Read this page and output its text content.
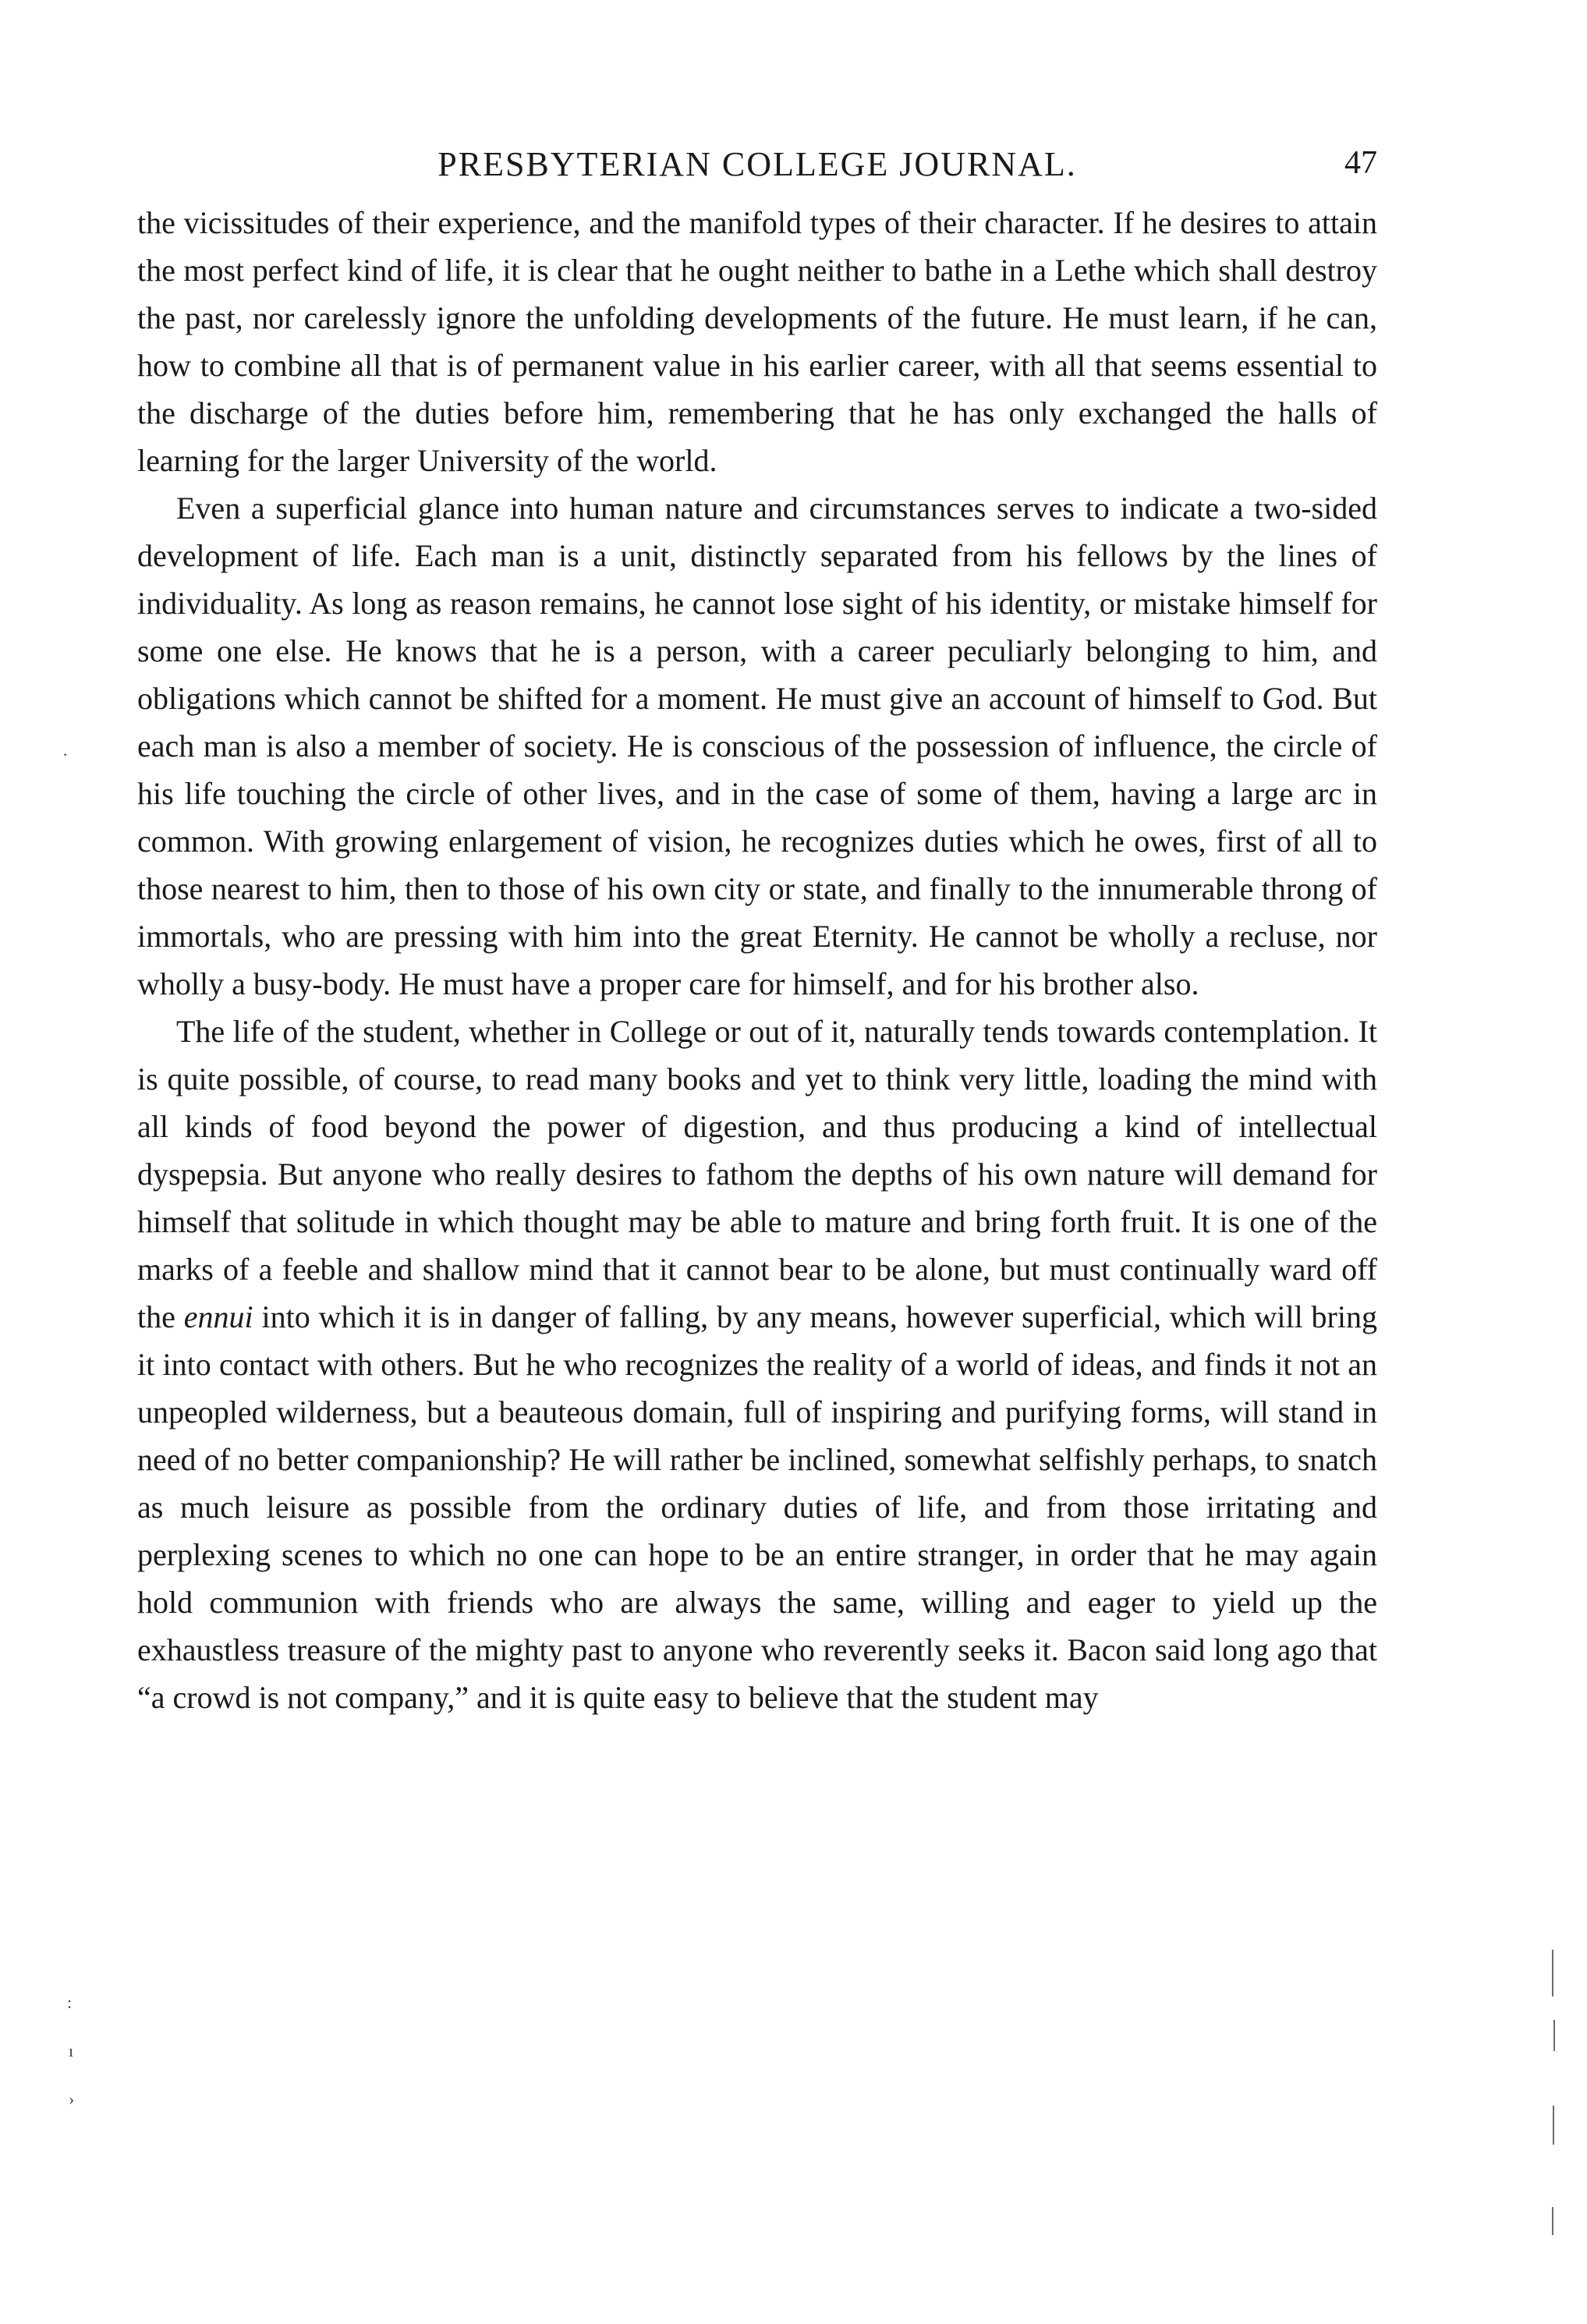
PRESBYTERIAN COLLEGE JOURNAL.	47

the vicissitudes of their experience, and the manifold types of their character. If he desires to attain the most perfect kind of life, it is clear that he ought neither to bathe in a Lethe which shall destroy the past, nor carelessly ignore the unfolding developments of the future. He must learn, if he can, how to combine all that is of permanent value in his earlier career, with all that seems essential to the discharge of the duties before him, remembering that he has only exchanged the halls of learning for the larger University of the world.

Even a superficial glance into human nature and circumstances serves to indicate a two-sided development of life. Each man is a unit, distinctly separated from his fellows by the lines of individuality. As long as reason remains, he cannot lose sight of his identity, or mistake himself for some one else. He knows that he is a person, with a career peculiarly belonging to him, and obligations which cannot be shifted for a moment. He must give an account of himself to God. But each man is also a member of society. He is conscious of the possession of influence, the circle of his life touching the circle of other lives, and in the case of some of them, having a large arc in common. With growing enlargement of vision, he recognizes duties which he owes, first of all to those nearest to him, then to those of his own city or state, and finally to the innumerable throng of immortals, who are pressing with him into the great Eternity. He cannot be wholly a recluse, nor wholly a busy-body. He must have a proper care for himself, and for his brother also.

The life of the student, whether in College or out of it, naturally tends towards contemplation. It is quite possible, of course, to read many books and yet to think very little, loading the mind with all kinds of food beyond the power of digestion, and thus producing a kind of intellectual dyspepsia. But anyone who really desires to fathom the depths of his own nature will demand for himself that solitude in which thought may be able to mature and bring forth fruit. It is one of the marks of a feeble and shallow mind that it cannot bear to be alone, but must continually ward off the ennui into which it is in danger of falling, by any means, however superficial, which will bring it into contact with others. But he who recognizes the reality of a world of ideas, and finds it not an unpeopled wilderness, but a beauteous domain, full of inspiring and purifying forms, will stand in need of no better companionship? He will rather be inclined, somewhat selfishly perhaps, to snatch as much leisure as possible from the ordinary duties of life, and from those irritating and perplexing scenes to which no one can hope to be an entire stranger, in order that he may again hold communion with friends who are always the same, willing and eager to yield up the exhaustless treasure of the mighty past to anyone who reverently seeks it. Bacon said long ago that “a crowd is not company,” and it is quite easy to believe that the student may

·
:
ı
›
